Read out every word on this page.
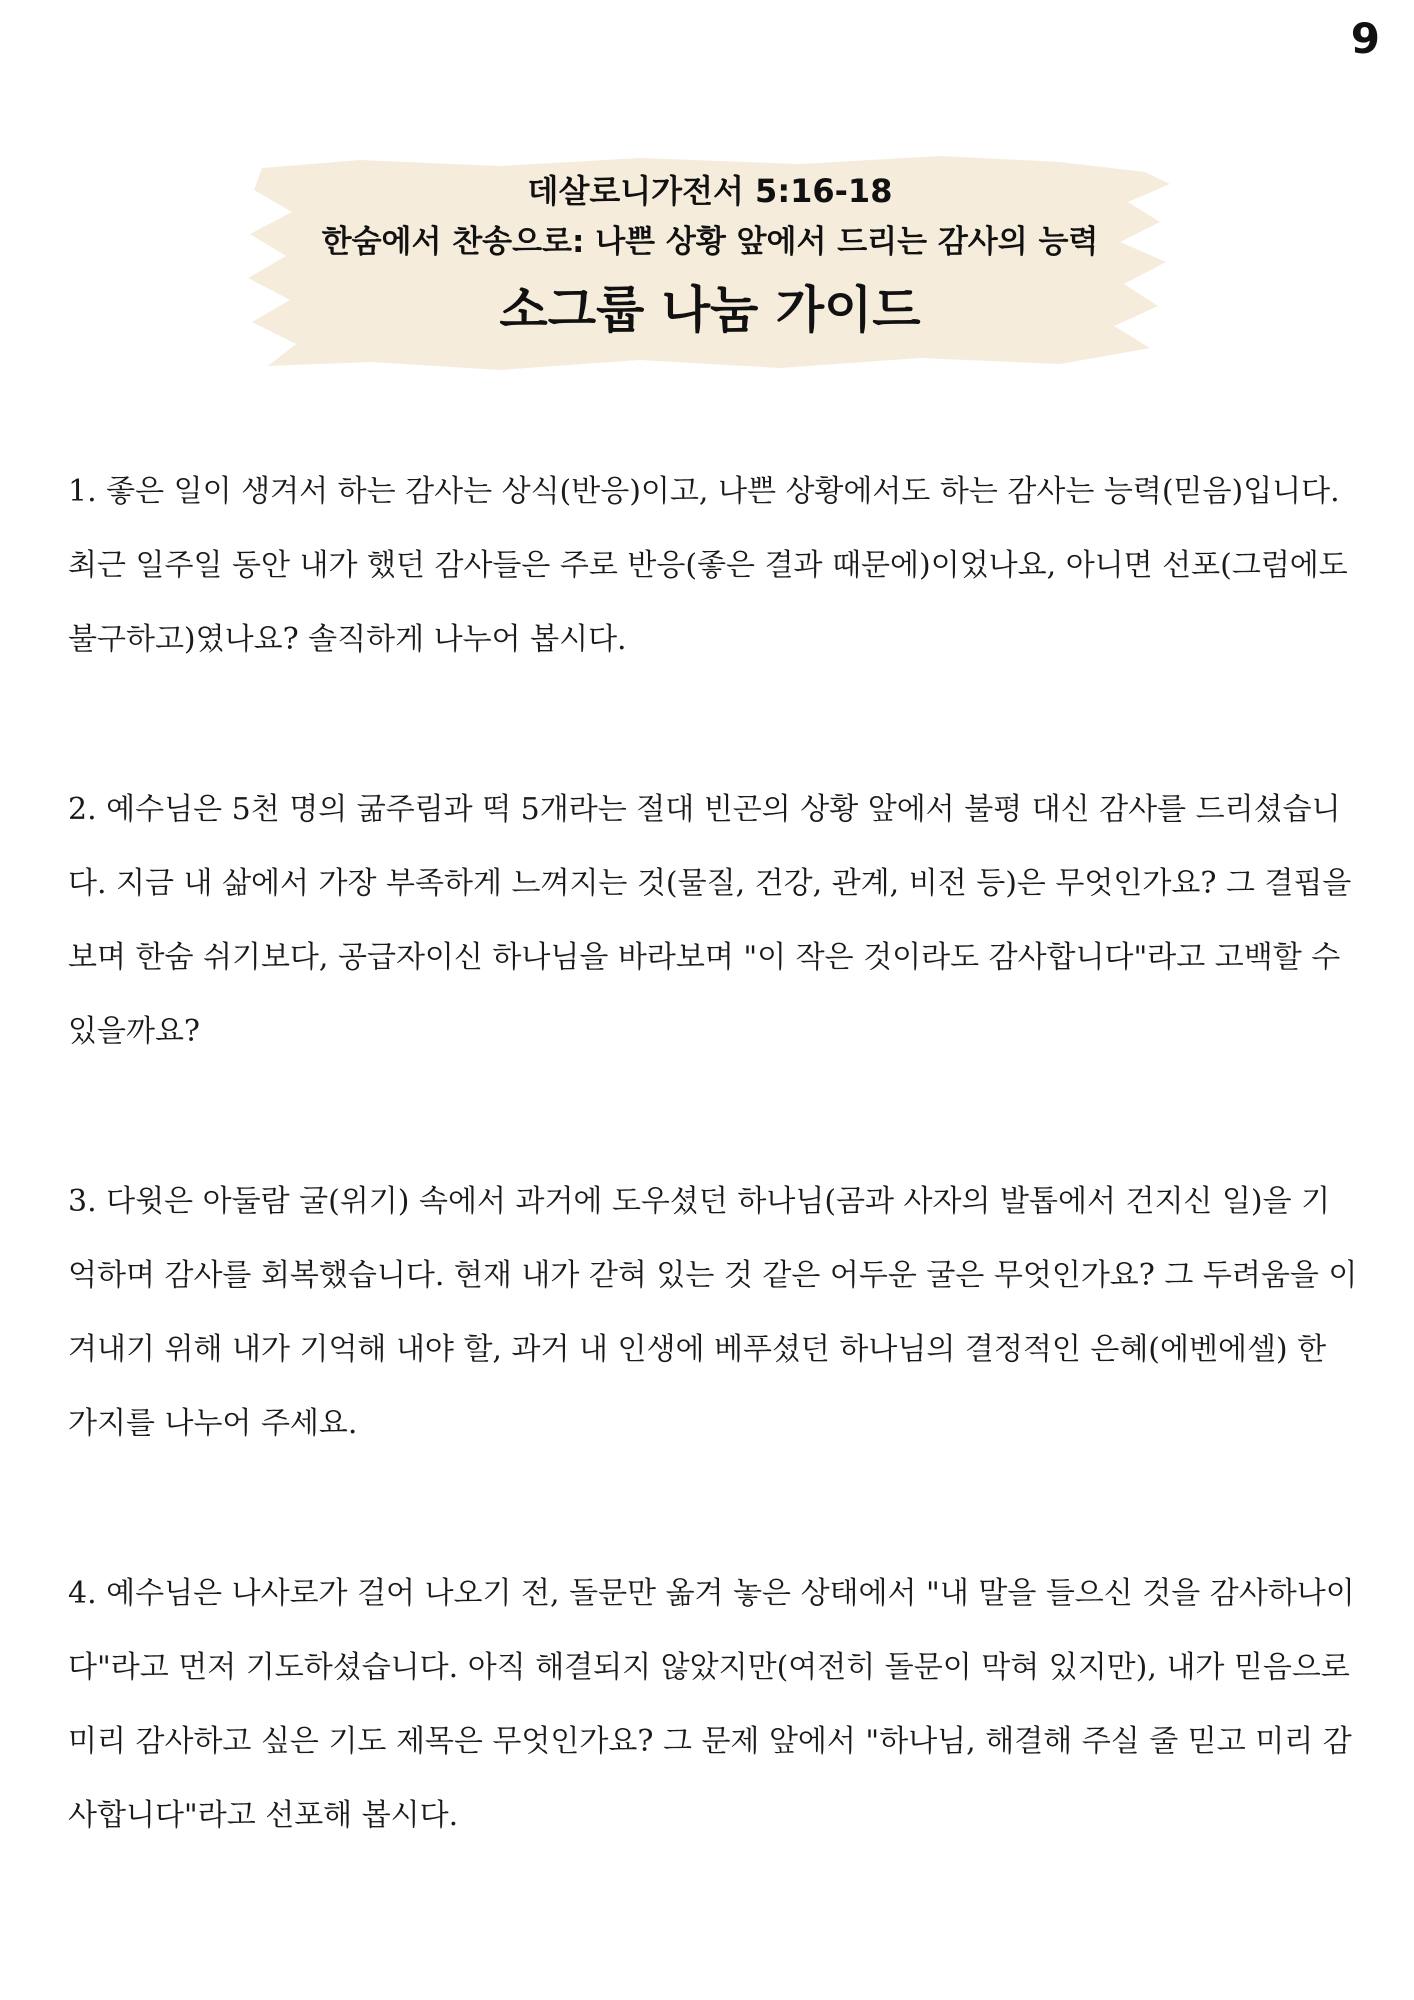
9
데살로니가전서 5:16-18
한숨에서 찬송으로: 나쁜 상황 앞에서 드리는 감사의 능력
소그룹 나눔 가이드

1. 좋은 일이 생겨서 하는 감사는 상식(반응)이고, 나쁜 상황에서도 하는 감사는 능력(믿음)입니다. 최근 일주일 동안 내가 했던 감사들은 주로 반응(좋은 결과 때문에)이었나요, 아니면 선포(그럼에도 불구하고)였나요? 솔직하게 나누어 봅시다.

2. 예수님은 5천 명의 굶주림과 떡 5개라는 절대 빈곤의 상황 앞에서 불평 대신 감사를 드리셨습니다. 지금 내 삶에서 가장 부족하게 느껴지는 것(물질, 건강, 관계, 비전 등)은 무엇인가요? 그 결핍을 보며 한숨 쉬기보다, 공급자이신 하나님을 바라보며 "이 작은 것이라도 감사합니다"라고 고백할 수 있을까요?

3. 다윗은 아둘람 굴(위기) 속에서 과거에 도우셨던 하나님(곰과 사자의 발톱에서 건지신 일)을 기억하며 감사를 회복했습니다. 현재 내가 갇혀 있는 것 같은 어두운 굴은 무엇인가요? 그 두려움을 이겨내기 위해 내가 기억해 내야 할, 과거 내 인생에 베푸셨던 하나님의 결정적인 은혜(에벤에셀) 한 가지를 나누어 주세요.

4. 예수님은 나사로가 걸어 나오기 전, 돌문만 옮겨 놓은 상태에서 "내 말을 들으신 것을 감사하나이다"라고 먼저 기도하셨습니다. 아직 해결되지 않았지만(여전히 돌문이 막혀 있지만), 내가 믿음으로 미리 감사하고 싶은 기도 제목은 무엇인가요? 그 문제 앞에서 "하나님, 해결해 주실 줄 믿고 미리 감사합니다"라고 선포해 봅시다.
